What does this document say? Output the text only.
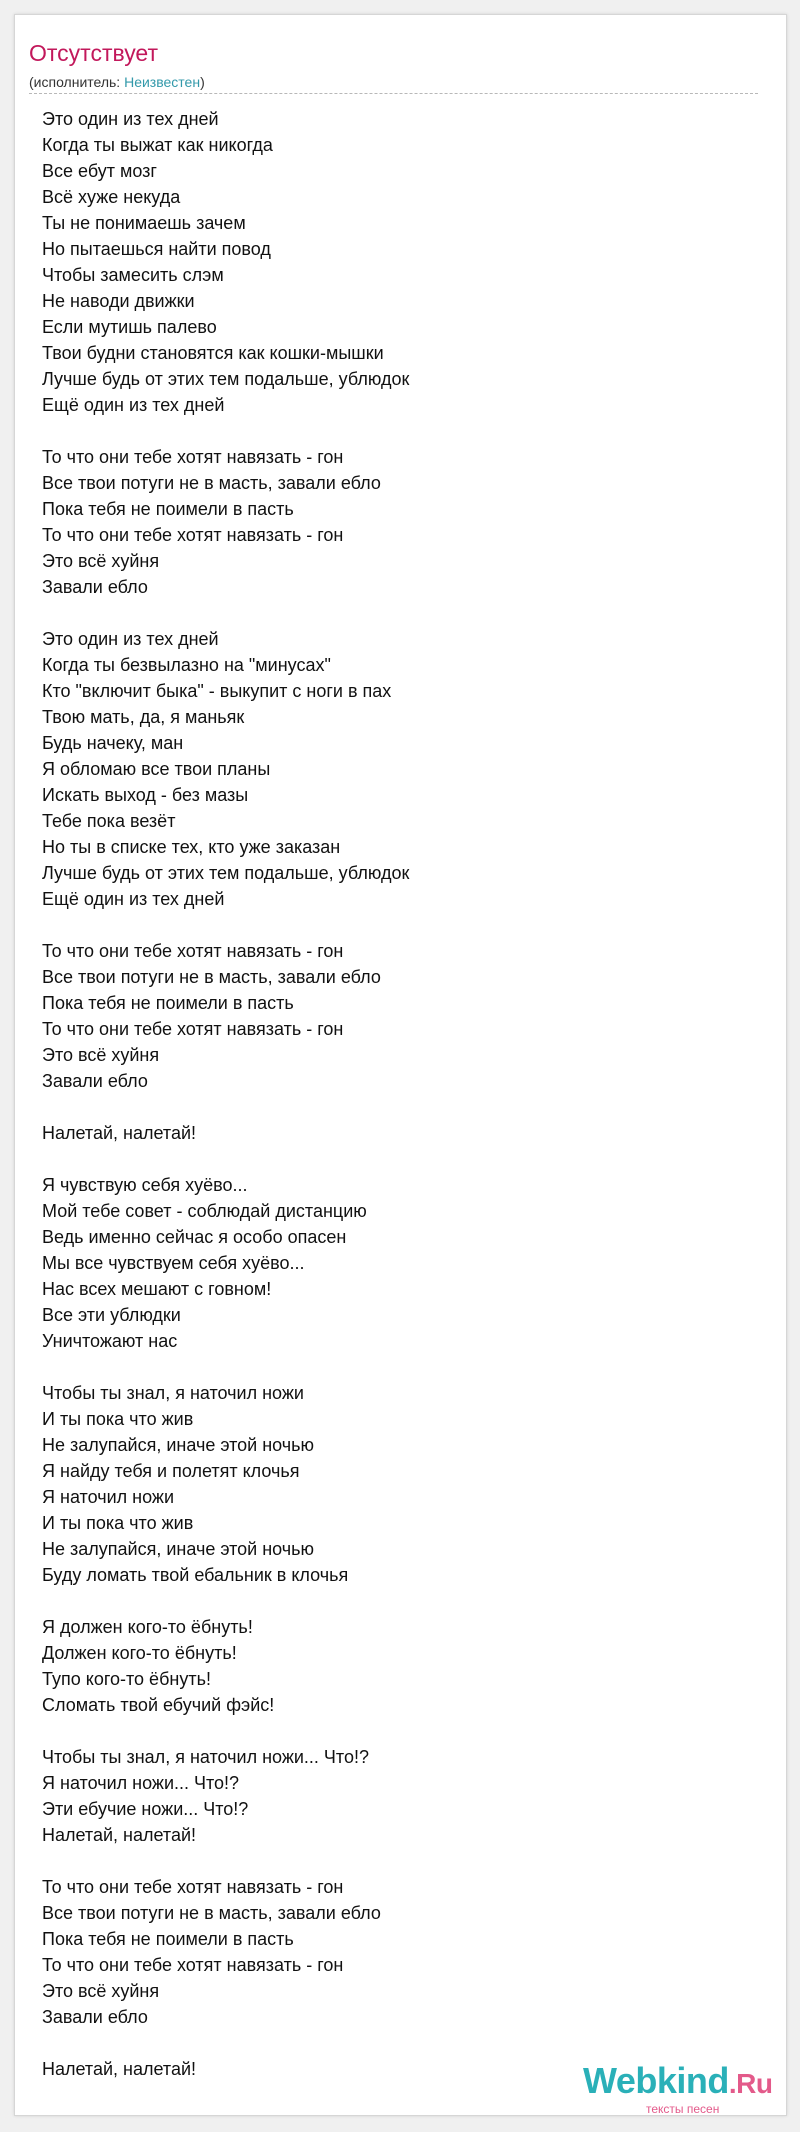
Отсутствует
(исполнитель: Неизвестен)
Это один из тех дней
Когда ты выжат как никогда
Все ебут мозг
Всё хуже некуда
Ты не понимаешь зачем
Но пытаешься найти повод
Чтобы замесить слэм
Не наводи движки
Если мутишь палево
Твои будни становятся как кошки-мышки
Лучше будь от этих тем подальше, ублюдок
Ещё один из тех дней
То что они тебе хотят навязать - гон
Все твои потуги не в масть, завали ебло
Пока тебя не поимели в пасть
То что они тебе хотят навязать - гон
Это всё хуйня
Завали ебло
Это один из тех дней
Когда ты безвылазно на "минусах"
Кто "включит быка" - выкупит с ноги в пах
Твою мать, да, я маньяк
Будь начеку, ман
Я обломаю все твои планы
Искать выход - без мазы
Тебе пока везёт
Но ты в списке тех, кто уже заказан
Лучше будь от этих тем подальше, ублюдок
Ещё один из тех дней
То что они тебе хотят навязать - гон
Все твои потуги не в масть, завали ебло
Пока тебя не поимели в пасть
То что они тебе хотят навязать - гон
Это всё хуйня
Завали ебло
Налетай, налетай!
Я чувствую себя хуёво...
Мой тебе совет - соблюдай дистанцию
Ведь именно сейчас я особо опасен
Мы все чувствуем себя хуёво...
Нас всех мешают с говном!
Все эти ублюдки
Уничтожают нас
Чтобы ты знал, я наточил ножи
И ты пока что жив
Не залупайся, иначе этой ночью
Я найду тебя и полетят клочья
Я наточил ножи
И ты пока что жив
Не залупайся, иначе этой ночью
Буду ломать твой ебальник в клочья
Я должен кого-то ёбнуть!
Должен кого-то ёбнуть!
Тупо кого-то ёбнуть!
Сломать твой ебучий фэйс!
Чтобы ты знал, я наточил ножи... Что!?
Я наточил ножи... Что!?
Эти ебучие ножи... Что!?
Налетай, налетай!
То что они тебе хотят навязать - гон
Все твои потуги не в масть, завали ебло
Пока тебя не поимели в пасть
То что они тебе хотят навязать - гон
Это всё хуйня
Завали ебло
Налетай, налетай!	Webkind.Ru
тексты песен
